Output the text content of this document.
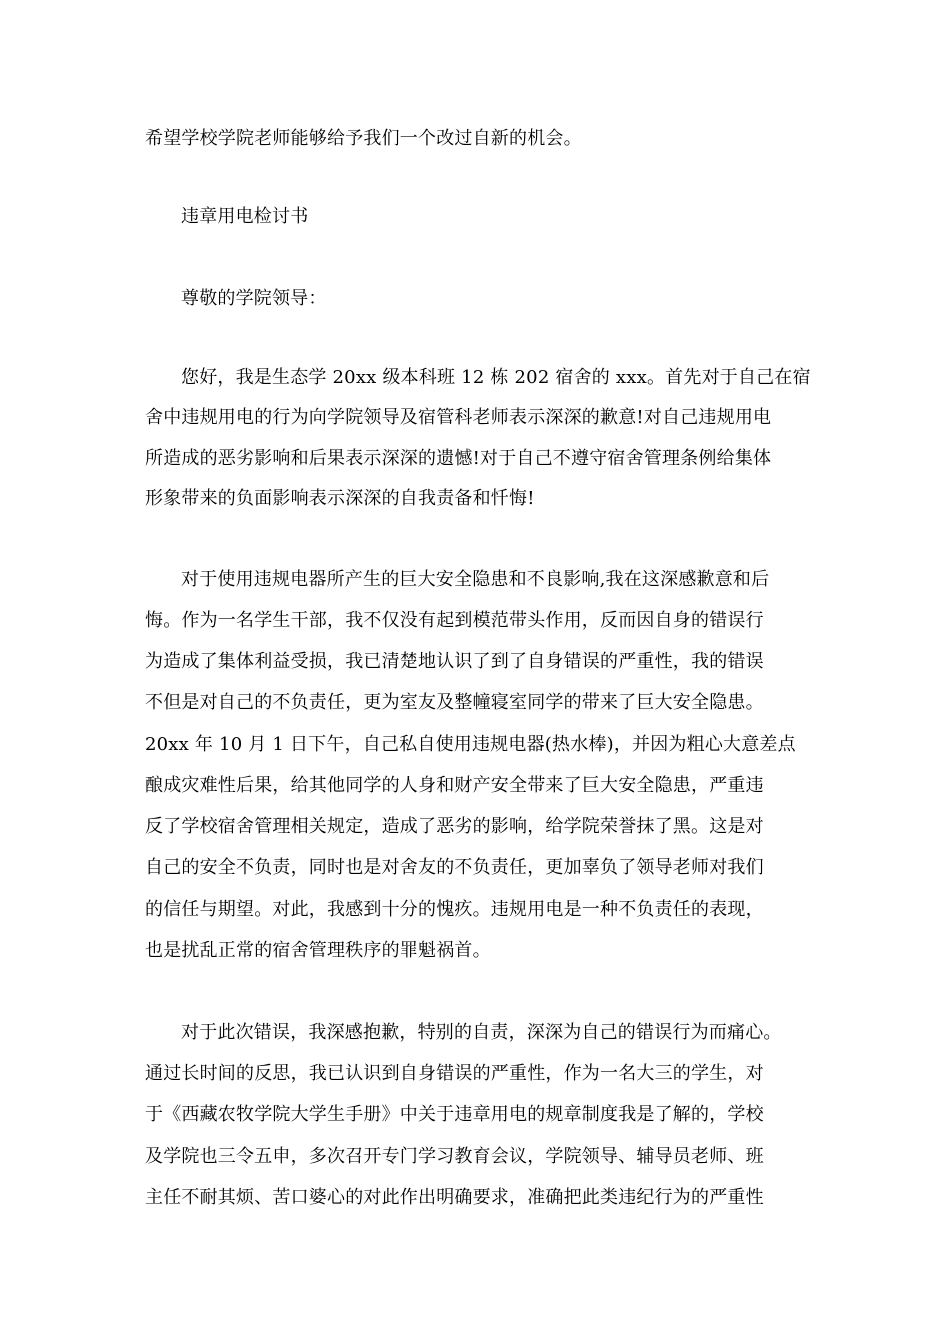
希望学校学院老师能够给予我们一个改过自新的机会。
违章用电检讨书
尊敬的学院领导：
您好，我是生态学 20xx 级本科班 12 栋 202 宿舍的 xxx。首先对于自己在宿
舍中违规用电的行为向学院领导及宿管科老师表示深深的歉意!对自己违规用电
所造成的恶劣影响和后果表示深深的遗憾!对于自己不遵守宿舍管理条例给集体
形象带来的负面影响表示深深的自我责备和忏悔!
对于使用违规电器所产生的巨大安全隐患和不良影响,我在这深感歉意和后
悔。作为一名学生干部，我不仅没有起到模范带头作用，反而因自身的错误行
为造成了集体利益受损，我已清楚地认识了到了自身错误的严重性，我的错误
不但是对自己的不负责任，更为室友及整幢寝室同学的带来了巨大安全隐患。
20xx 年 10 月 1 日下午，自己私自使用违规电器(热水棒)，并因为粗心大意差点
酿成灾难性后果，给其他同学的人身和财产安全带来了巨大安全隐患，严重违
反了学校宿舍管理相关规定，造成了恶劣的影响，给学院荣誉抹了黑。这是对
自己的安全不负责，同时也是对舍友的不负责任，更加辜负了领导老师对我们
的信任与期望。对此，我感到十分的愧疚。违规用电是一种不负责任的表现，
也是扰乱正常的宿舍管理秩序的罪魁祸首。
对于此次错误，我深感抱歉，特别的自责，深深为自己的错误行为而痛心。
通过长时间的反思，我已认识到自身错误的严重性，作为一名大三的学生，对
于《西藏农牧学院大学生手册》中关于违章用电的规章制度我是了解的，学校
及学院也三令五申，多次召开专门学习教育会议，学院领导、辅导员老师、班
主任不耐其烦、苦口婆心的对此作出明确要求，准确把此类违纪行为的严重性
